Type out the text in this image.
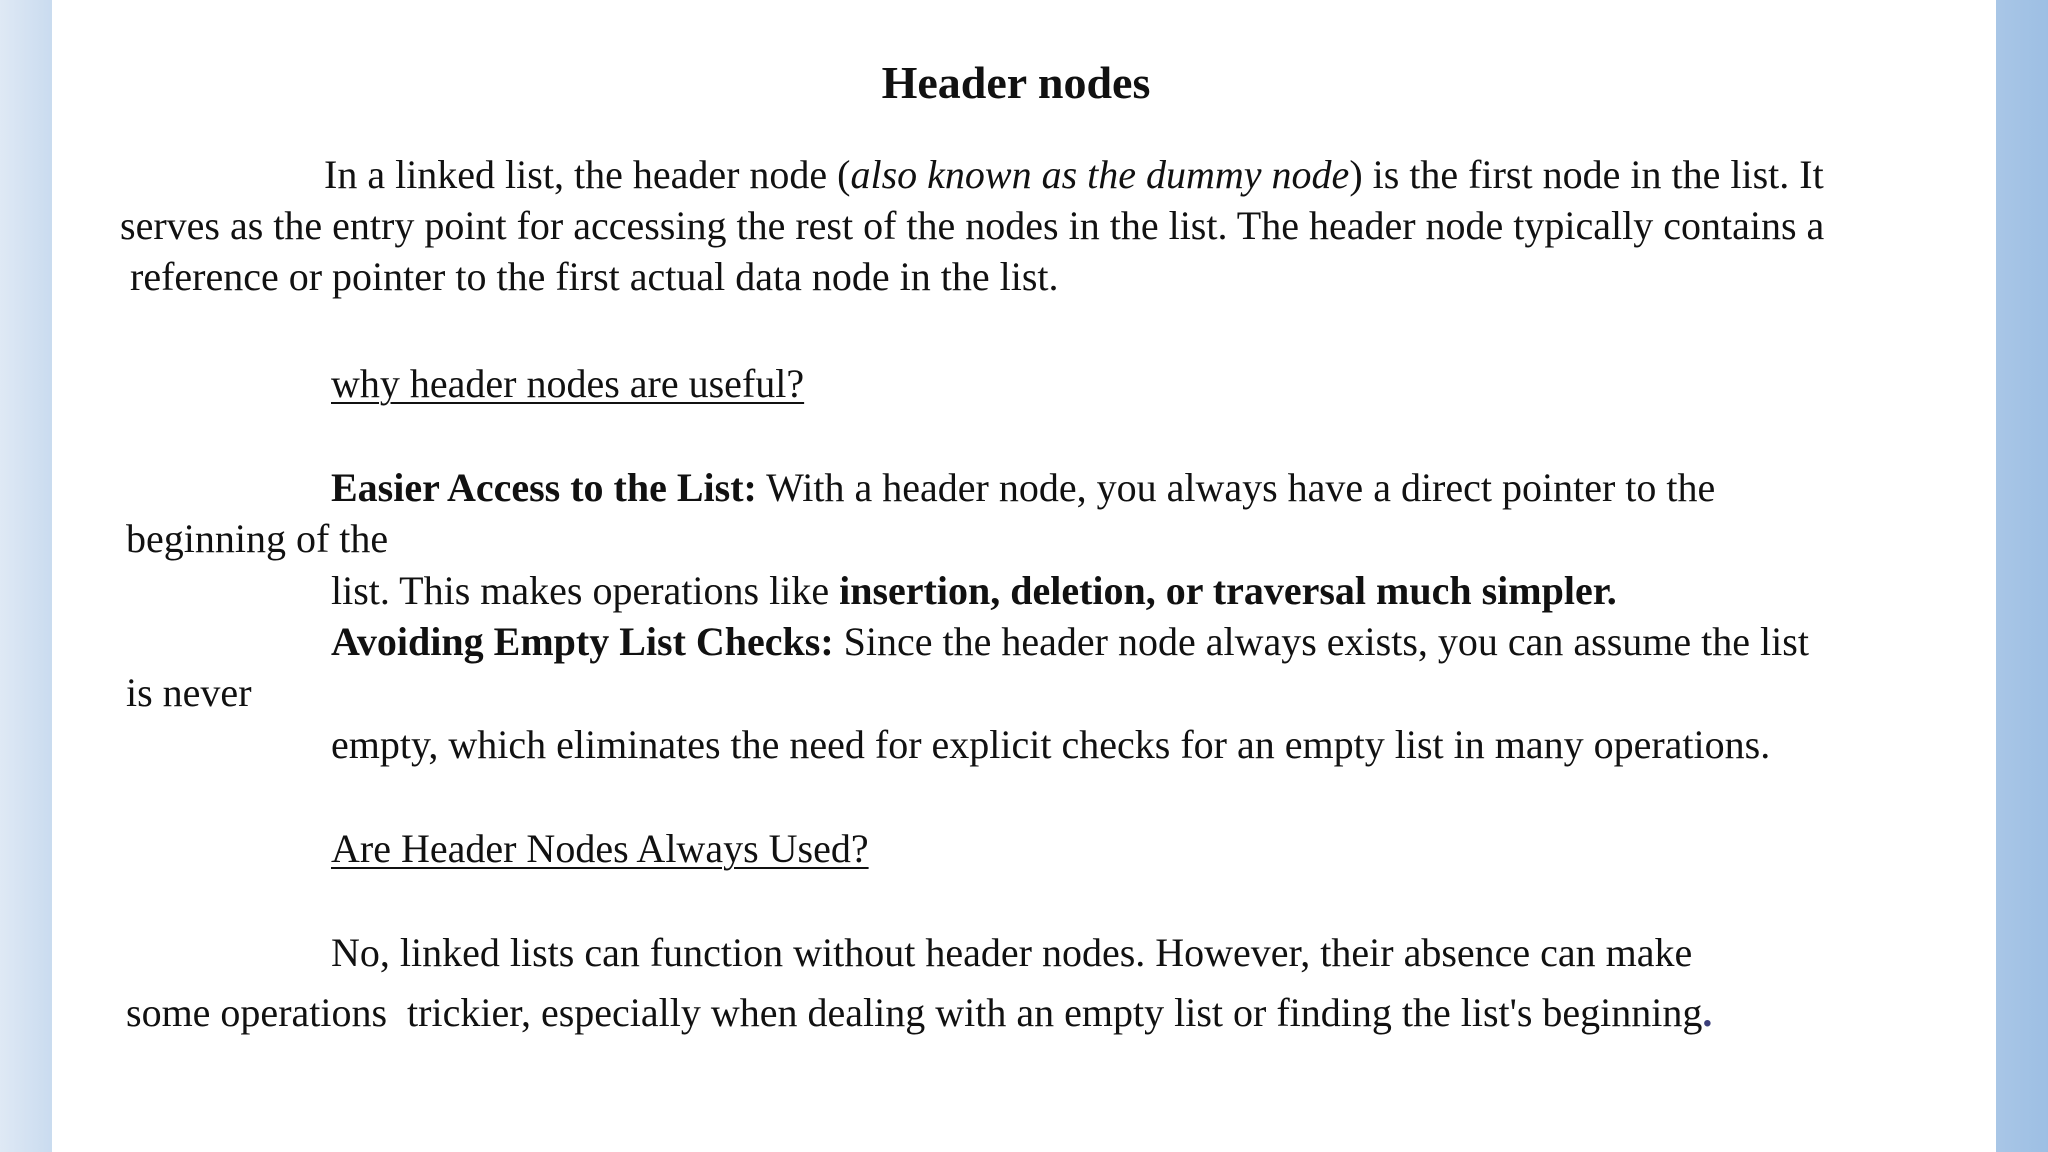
Header nodes
In a linked list, the header node (also known as the dummy node) is the first node in the list. It
serves as the entry point for accessing the rest of the nodes in the list. The header node typically contains a
reference or pointer to the first actual data node in the list.
why header nodes are useful?
Easier Access to the List: With a header node, you always have a direct pointer to the
beginning of the
list. This makes operations like insertion, deletion, or traversal much simpler.
Avoiding Empty List Checks: Since the header node always exists, you can assume the list
is never
empty, which eliminates the need for explicit checks for an empty list in many operations.
Are Header Nodes Always Used?
No, linked lists can function without header nodes. However, their absence can make
some operations  trickier, especially when dealing with an empty list or finding the list's beginning.
